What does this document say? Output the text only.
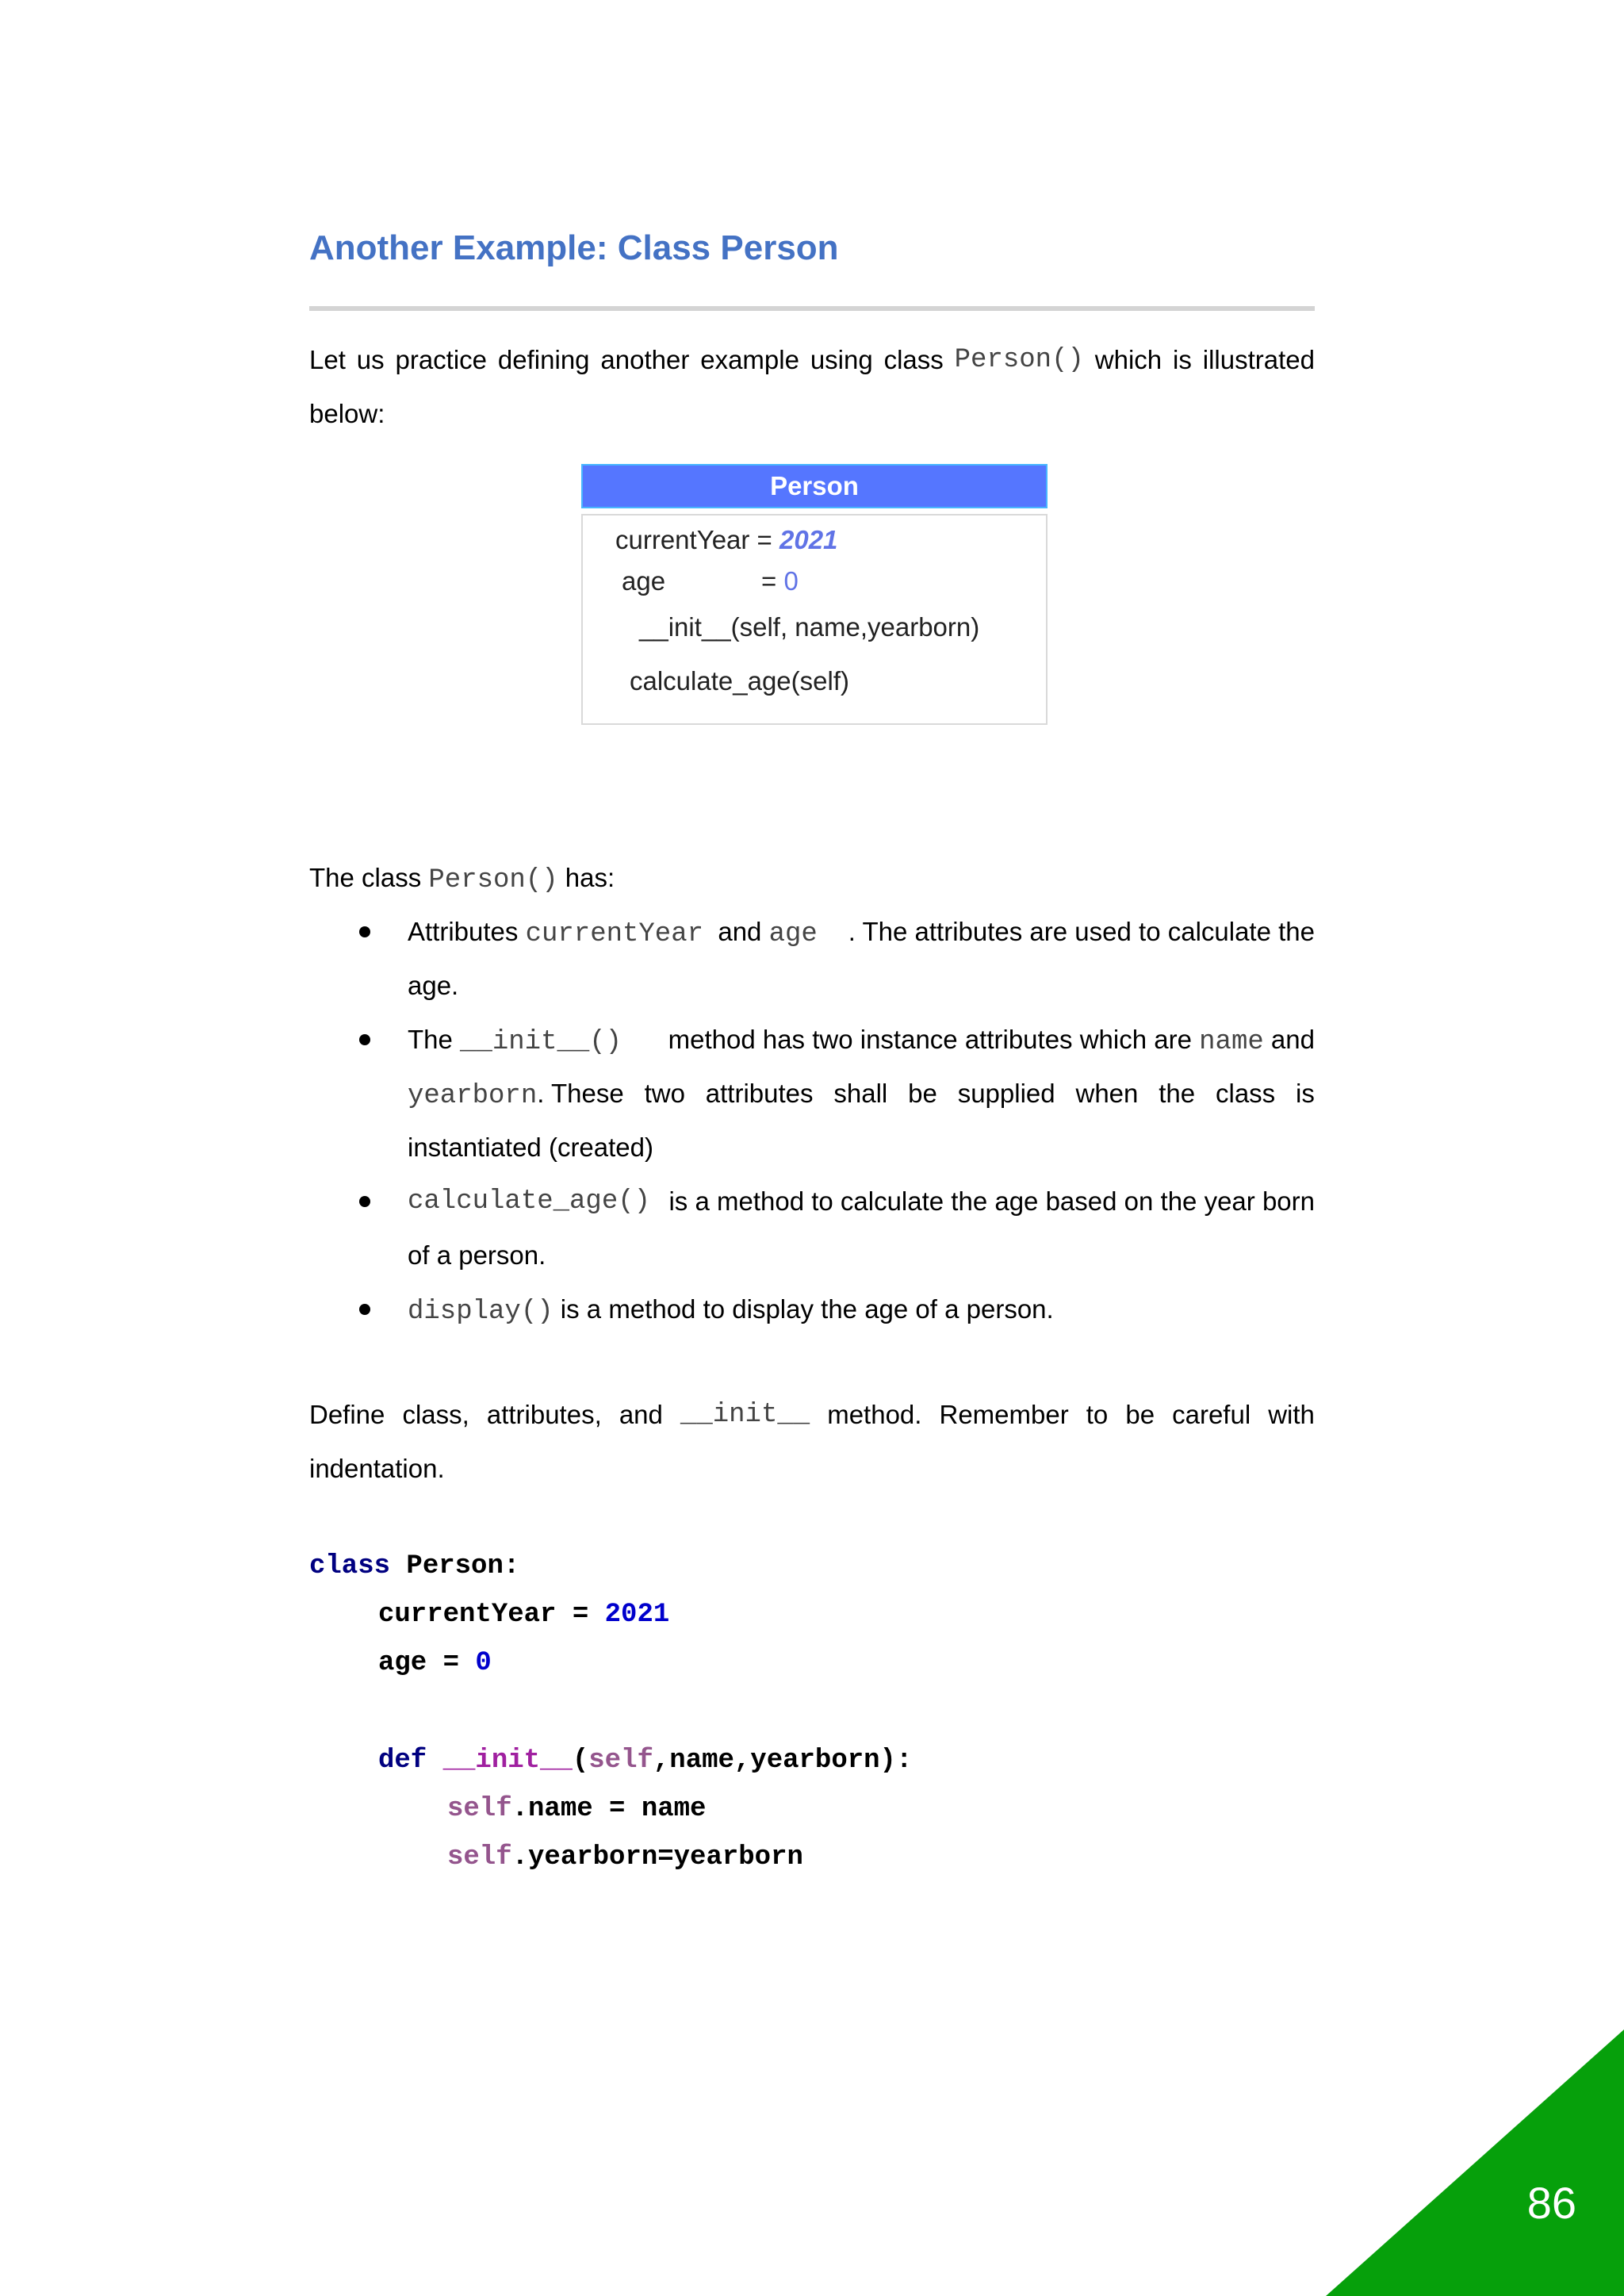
Another Example: Class Person
Let us practice defining another example using class Person() which is illustrated
below:
Person
currentYear = 2021
age	= 0
__init__(self, name,yearborn)
calculate_age(self)
The class Person() has:
Attributes currentYear  and age . The attributes are used to calculate the
age.
The __init__() method has two instance attributes which are name and
yearborn. These two attributes shall be supplied when the class is
instantiated (created)
calculate_age() is a method to calculate the age based on the year born
of a person.
display() is a method to display the age of a person.
Define class, attributes, and __init__ method. Remember to be careful with
indentation.
class Person:
currentYear = 2021
age = 0
def __init__(self,name,yearborn):
self.name = name
self.yearborn=yearborn
86
